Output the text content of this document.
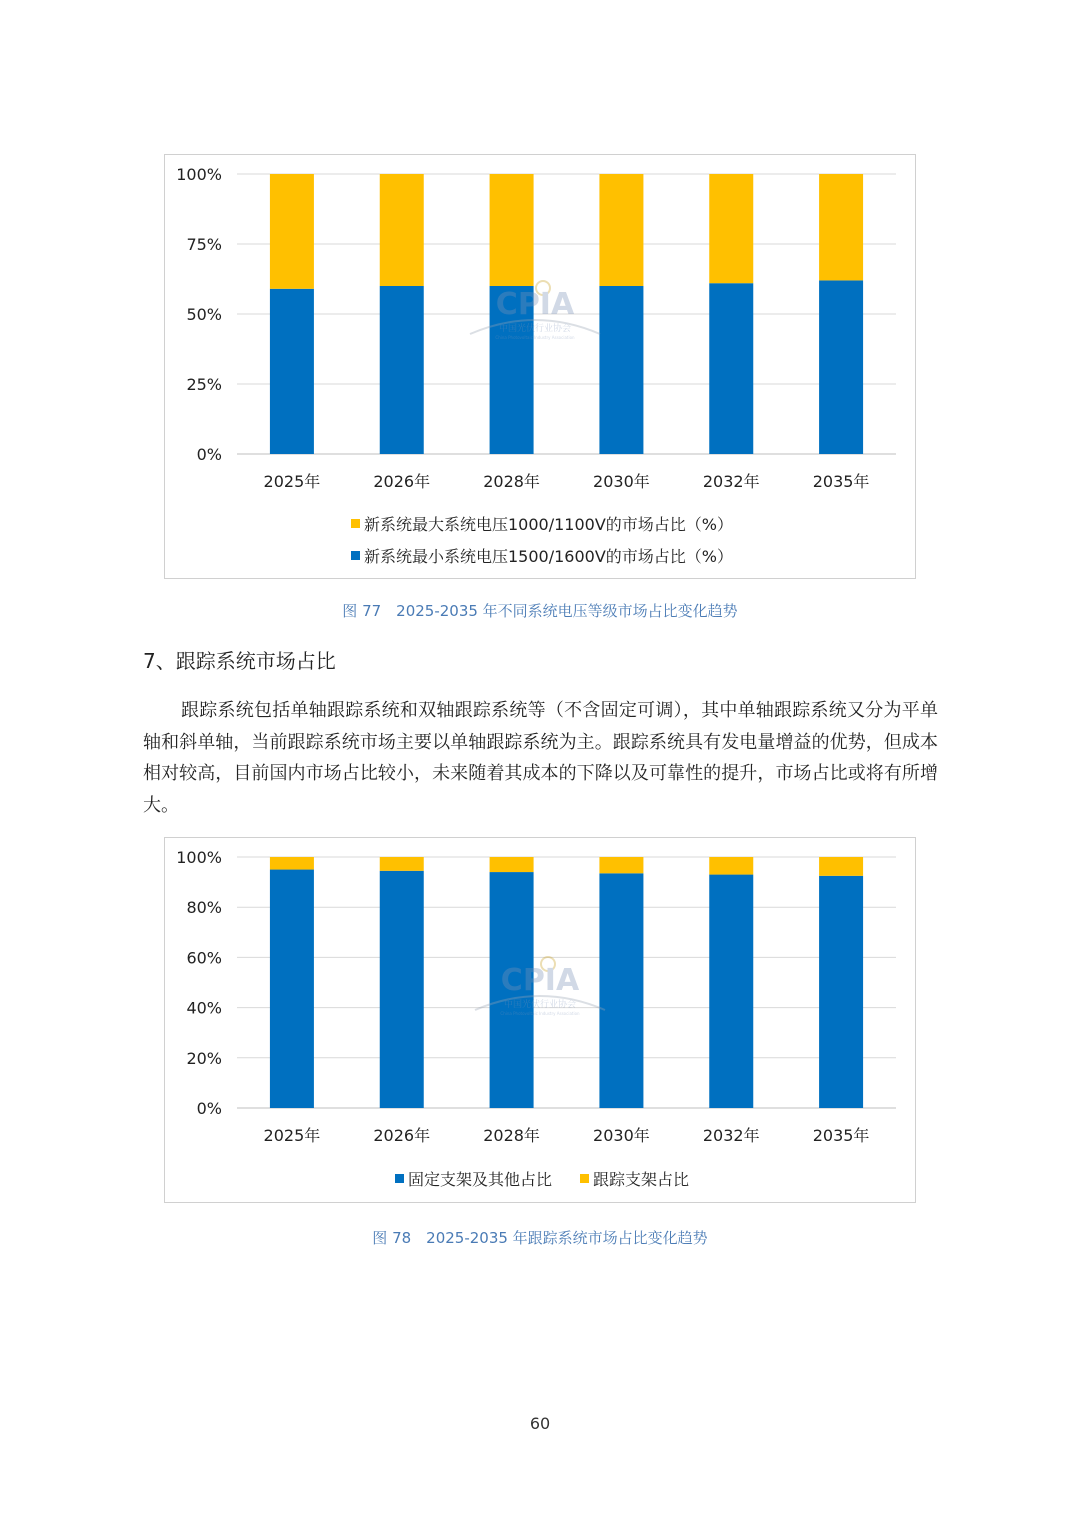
100%
75%
50%
25%
0%
2025年	2026年	2028年	2030年	2032年	2035年
CPIA
中国光伏行业协会
China Photovoltaic Industry Association
新系统最大系统电压1000/1100V的市场占比（%）
新系统最小系统电压1500/1600V的市场占比（%）
图 77　2025-2035 年不同系统电压等级市场占比变化趋势
7、跟踪系统市场占比
跟踪系统包括单轴跟踪系统和双轴跟踪系统等（不含固定可调），其中单轴跟踪系统又分为平单轴和斜单轴，当前跟踪系统市场主要以单轴跟踪系统为主。跟踪系统具有发电量增益的优势，但成本相对较高，目前国内市场占比较小，未来随着其成本的下降以及可靠性的提升，市场占比或将有所增大。
100%
80%
60%
40%
20%
0%
2025年	2026年	2028年	2030年	2032年	2035年
CPIA
中国光伏行业协会
China Photovoltaic Industry Association
固定支架及其他占比	跟踪支架占比
图 78　2025-2035 年跟踪系统市场占比变化趋势
60
